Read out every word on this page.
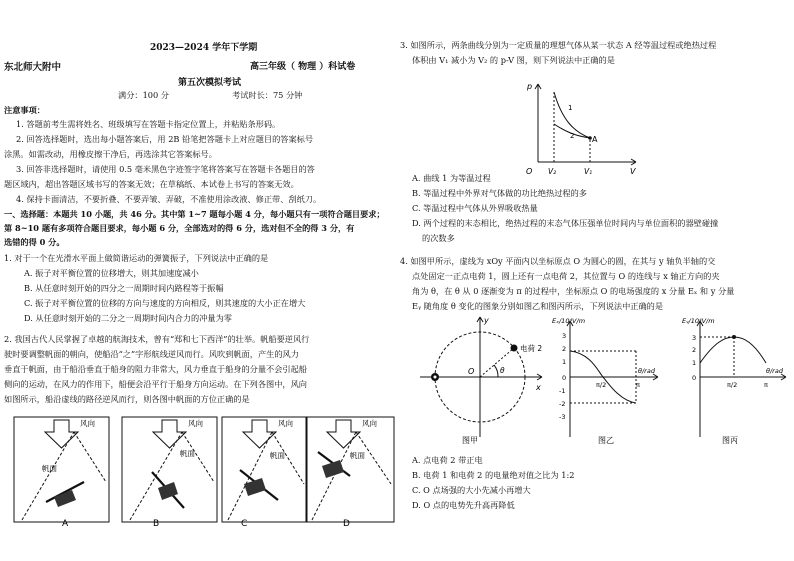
2023—2024 学年下学期
东北师大附中	高三年级（ 物理 ）科试卷
第五次模拟考试
满分：100 分	考试时长：75 分钟
注意事项：
1. 答题前考生需将姓名、班级填写在答题卡指定位置上，并粘贴条形码。
2. 回答选择题时，选出每小题答案后，用 2B 铅笔把答题卡上对应题目的答案标号
涂黑。如需改动，用橡皮擦干净后，再选涂其它答案标号。
3. 回答非选择题时，请使用 0.5 毫米黑色字迹签字笔将答案写在答题卡各题目的答
题区域内，超出答题区域书写的答案无效；在草稿纸、本试卷上书写的答案无效。
4. 保持卡面清洁，不要折叠、不要弄皱、弄破，不准使用涂改液、修正带、刮纸刀。
一、选择题：本题共 10 小题，共 46 分。其中第 1~7 题每小题 4 分，每小题只有一项符合题目要求；
第 8~10 题有多项符合题目要求，每小题 6 分，全部选对的得 6 分，选对但不全的得 3 分，有
选错的得 0 分。
1. 对于一个在光滑水平面上做简谐运动的弹簧振子，下列说法中正确的是
A. 振子对平衡位置的位移增大，则其加速度减小
B. 从任意时刻开始的四分之一周期时间内路程等于振幅
C. 振子对平衡位置的位移的方向与速度的方向相反，则其速度的大小正在增大
D. 从任意时刻开始的二分之一周期时间内合力的冲量为零
2. 我国古代人民掌握了卓越的航海技术，曾有“郑和七下西洋”的壮举。帆船要逆风行
驶时要调整帆面的朝向，使船沿“之”字形航线逆风而行。风吹到帆面，产生的风力
垂直于帆面，由于船沿垂直于船身的阻力非常大，风力垂直于船身的分量不会引起船
侧向的运动，在风力的作用下，船便会沿平行于船身方向运动。在下列各图中，风向
如图所示，船沿虚线的路径逆风而行，则各图中帆面的方位正确的是
风向
帆面
风向
帆面
风向
帆面
风向
帆面
A	B	C	D
3. 如图所示，两条曲线分别为一定质量的理想气体从某一状态 A 经等温过程或绝热过程
体积由 V₁ 减小为 V₂ 的 p-V 图，则下列说法中正确的是
p
V
O
1
2 A
V₂	V₁
A. 曲线 1 为等温过程
B. 等温过程中外界对气体做的功比绝热过程的多
C. 等温过程中气体从外界吸收热量
D. 两个过程的末态相比，绝热过程的末态气体压强单位时间内与单位面积的器壁碰撞
的次数多
4. 如图甲所示，虚线为 xOy 平面内以坐标原点 O 为圆心的圆，在其与 y 轴负半轴的交
点处固定一正点电荷 1，圆上还有一点电荷 2，其位置与 O 的连线与 x 轴正方向的夹
角为 θ，在 θ 从 0 逐渐变为 π 的过程中，坐标原点 O 的电场强度的 x 分量 Eₓ 和 y 分量
Eᵧ 随角度 θ 变化的图象分别如图乙和图丙所示，下列说法中正确的是
y
x
O
电荷 2
θ
图甲
Eₓ/10⁴V/m
3
2
1
0
-1
-2
-3
π/2	π
θ/rad
图乙
Eᵧ/10⁴V/m
3
2
1
0
π/2	π
θ/rad
图丙
A. 点电荷 2 带正电
B. 电荷 1 和电荷 2 的电量绝对值之比为 1:2
C. O 点场强的大小先减小再增大
D. O 点的电势先升高再降低
